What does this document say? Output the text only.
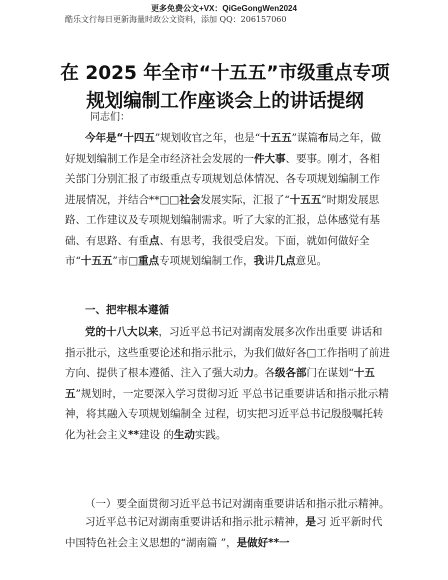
更多免费公文+VX：QiGeGongWen2024
酷乐文行每日更新海量时政公文资料，添加 QQ：206157060
在 2025 年全市“十五五”市级重点专项规划编制工作座谈会上的讲话提纲
同志们：

今年是“十四五”规划收官之年，也是“十五五”谋篇布局之年，做好规划编制工作是全市经济社会发展的一件大事、要事。刚才，各相关部门分别汇报了市级重点专项规划总体情况、各专项规划编制工作进展情况，并结合**□□社会发展实际，汇报了“十五五”时期发展思路、工作建议及专项规划编制需求。听了大家的汇报，总体感觉有基础、有思路、有重点、有思考，我很受启发。下面，就如何做好全市“十五五”市□重点专项规划编制工作，我讲几点意见。

一、把牢根本遵循

党的十八大以来，习近平总书记对湖南发展多次作出重要 讲话和指示批示，这些重要论述和指示批示，为我们做好各□工作指明了前进方向、提供了根本遵循、注入了强大动力。各级各部门在谋划“十五五”规划时，一定要深入学习贯彻习近 平总书记重要讲话和指示批示精神，将其融入专项规划编制全 过程，切实把习近平总书记殷殷嘱托转化为社会主义**建设 的生动实践。

（一）要全面贯彻习近平总书记对湖南重要讲话和指示批示精神。

习近平总书记对湖南重要讲话和指示批示精神，是习 近平新时代中国特色社会主义思想的“湖南篇 ”，是做好**一
